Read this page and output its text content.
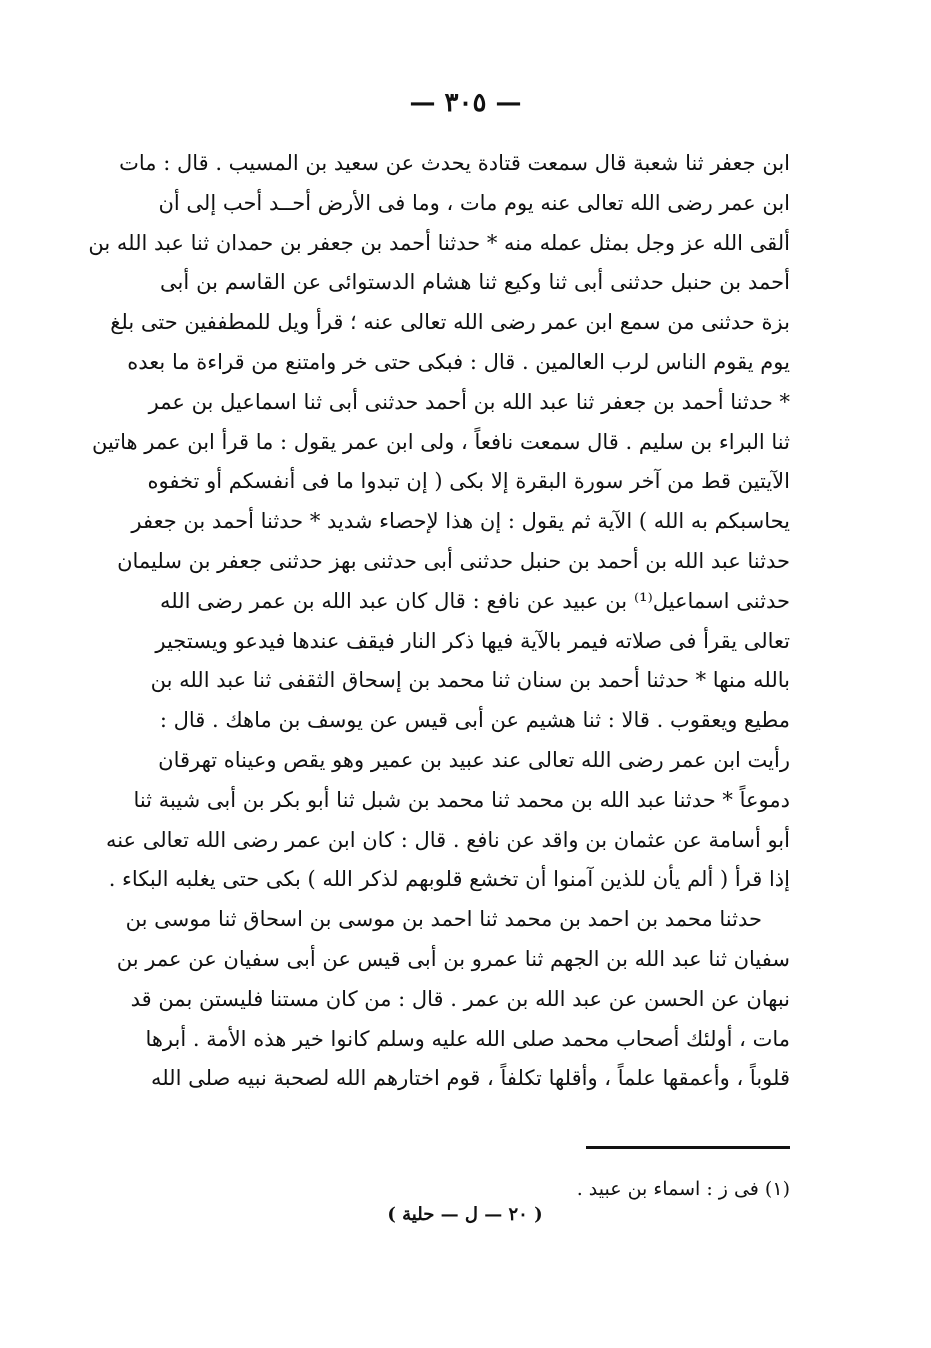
— ٣٠٥ —
ابن جعفر ثنا شعبة قال سمعت قتادة يحدث عن سعيد بن المسيب . قال : مات
ابن عمر رضى الله تعالى عنه يوم مات ، وما فى الأرض أحــد أحب إلى أن
ألقى الله عز وجل بمثل عمله منه * حدثنا أحمد بن جعفر بن حمدان ثنا عبد الله بن
أحمد بن حنبل حدثنى أبى ثنا وكيع ثنا هشام الدستوائى عن القاسم بن أبى
بزة حدثنى من سمع ابن عمر رضى الله تعالى عنه ؛ قرأ ويل للمطففين حتى بلغ
يوم يقوم الناس لرب العالمين . قال : فبكى حتى خر وامتنع من قراءة ما بعده
* حدثنا أحمد بن جعفر ثنا عبد الله بن أحمد حدثنى أبى ثنا اسماعيل بن عمر
ثنا البراء بن سليم . قال سمعت نافعاً ، ولى ابن عمر يقول : ما قرأ ابن عمر هاتين
الآيتين قط من آخر سورة البقرة إلا بكى ( إن تبدوا ما فى أنفسكم أو تخفوه
يحاسبكم به الله ) الآية ثم يقول : إن هذا لإحصاء شديد * حدثنا أحمد بن جعفر
حدثنا عبد الله بن أحمد بن حنبل حدثنى أبى حدثنى بهز حدثنى جعفر بن سليمان
حدثنى اسماعيل⁽¹⁾ بن عبيد عن نافع : قال كان عبد الله بن عمر رضى الله
تعالى يقرأ فى صلاته فيمر بالآية فيها ذكر النار فيقف عندها فيدعو ويستجير
بالله منها * حدثنا أحمد بن سنان ثنا محمد بن إسحاق الثقفى ثنا عبد الله بن
مطيع ويعقوب . قالا : ثنا هشيم عن أبى قيس عن يوسف بن ماهك . قال :
رأيت ابن عمر رضى الله تعالى عند عبيد بن عمير وهو يقص وعيناه تهرقان
دموعاً * حدثنا عبد الله بن محمد ثنا محمد بن شبل ثنا أبو بكر بن أبى شيبة ثنا
أبو أسامة عن عثمان بن واقد عن نافع . قال : كان ابن عمر رضى الله تعالى عنه
إذا قرأ ( ألم يأن للذين آمنوا أن تخشع قلوبهم لذكر الله ) بكى حتى يغلبه البكاء .
حدثنا محمد بن احمد بن محمد ثنا احمد بن موسى بن اسحاق ثنا موسى بن
سفيان ثنا عبد الله بن الجهم ثنا عمرو بن أبى قيس عن أبى سفيان عن عمر بن
نبهان عن الحسن عن عبد الله بن عمر . قال : من كان مستنا فليستن بمن قد
مات ، أولئك أصحاب محمد صلى الله عليه وسلم كانوا خير هذه الأمة . أبرها
قلوباً ، وأعمقها علماً ، وأقلها تكلفاً ، قوم اختارهم الله لصحبة نبيه صلى الله
(١) فى ز : اسماء بن عبيد .
( ٢٠ — ل — حلية )
